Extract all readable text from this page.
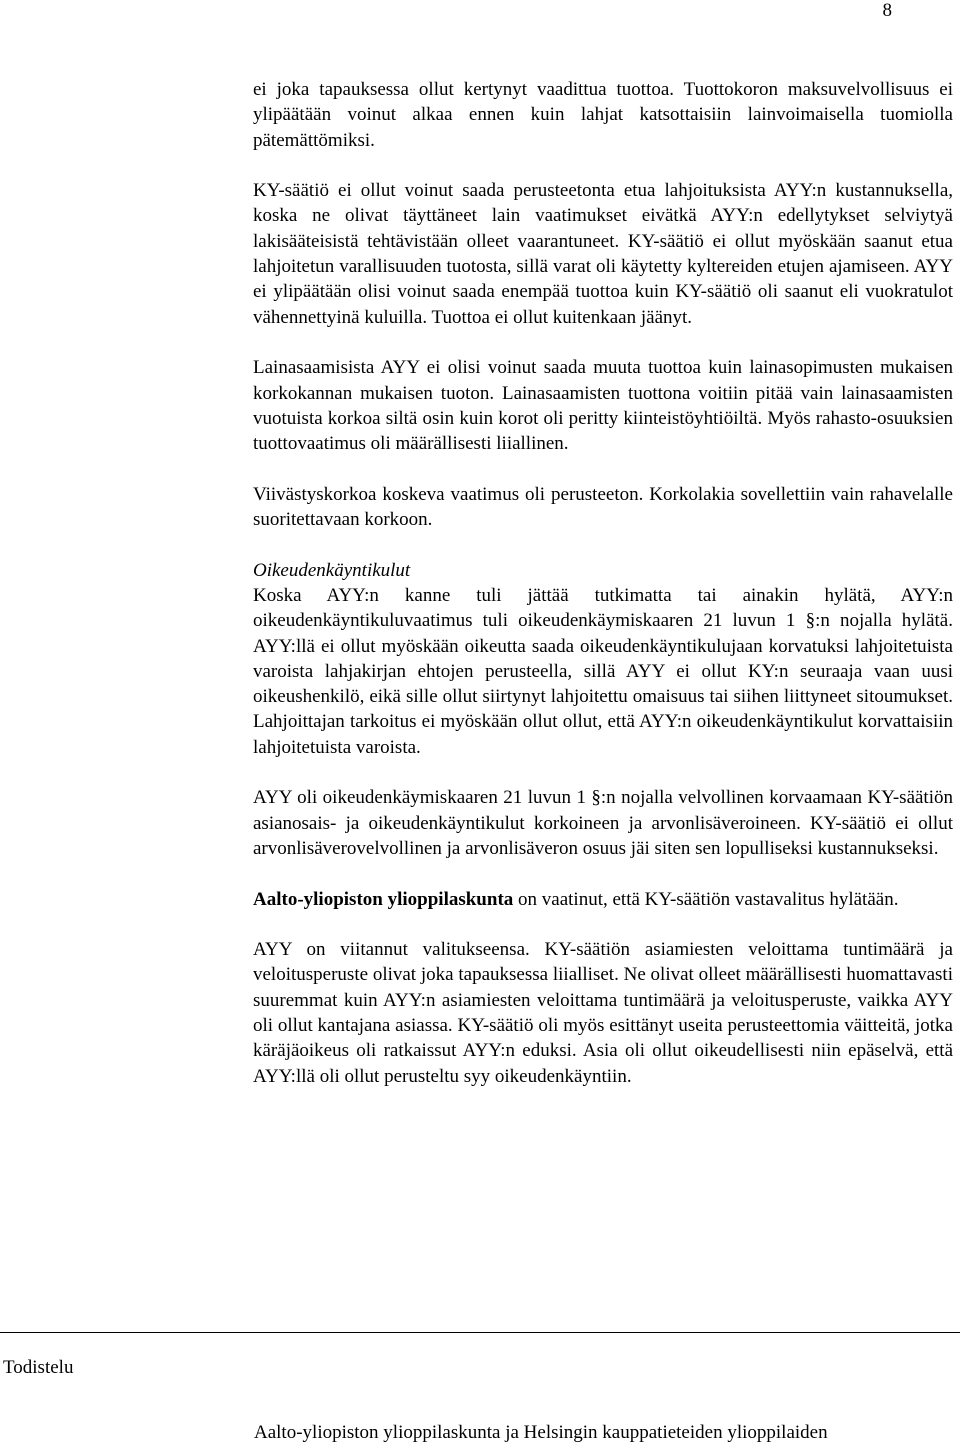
8

ei joka tapauksessa ollut kertynyt vaadittua tuottoa. Tuottokoron maksuvelvollisuus ei ylipäätään voinut alkaa ennen kuin lahjat katsottaisiin lainvoimaisella tuomiolla pätemättömiksi.

KY-säätiö ei ollut voinut saada perusteetonta etua lahjoituksista AYY:n kustannuksella, koska ne olivat täyttäneet lain vaatimukset eivätkä AYY:n edellytykset selviytyä lakisääteisistä tehtävistään olleet vaarantuneet. KY-säätiö ei ollut myöskään saanut etua lahjoitetun varallisuuden tuotosta, sillä varat oli käytetty kyltereiden etujen ajamiseen. AYY ei ylipäätään olisi voinut saada enempää tuottoa kuin KY-säätiö oli saanut eli vuokratulot vähennettyinä kuluilla. Tuottoa ei ollut kuitenkaan jäänyt.

Lainasaamisista AYY ei olisi voinut saada muuta tuottoa kuin lainasopimusten mukaisen korkokannan mukaisen tuoton. Lainasaamisten tuottona voitiin pitää vain lainasaamisten vuotuista korkoa siltä osin kuin korot oli peritty kiinteistöyhtiöiltä. Myös rahasto-osuuksien tuottovaatimus oli määrällisesti liiallinen.

Viivästyskorkoa koskeva vaatimus oli perusteeton. Korkolakia sovellettiin vain rahavelalle suoritettavaan korkoon.

Oikeudenkäyntikulut

Koska AYY:n kanne tuli jättää tutkimatta tai ainakin hylätä, AYY:n oikeudenkäyntikuluvaatimus tuli oikeudenkäymiskaaren 21 luvun 1 §:n nojalla hylätä. AYY:llä ei ollut myöskään oikeutta saada oikeudenkäyntikulujaan korvatuksi lahjoitetuista varoista lahjakirjan ehtojen perusteella, sillä AYY ei ollut KY:n seuraaja vaan uusi oikeushenkilö, eikä sille ollut siirtynyt lahjoitettu omaisuus tai siihen liittyneet sitoumukset. Lahjoittajan tarkoitus ei myöskään ollut ollut, että AYY:n oikeudenkäyntikulut korvattaisiin lahjoitetuista varoista.

AYY oli oikeudenkäymiskaaren 21 luvun 1 §:n nojalla velvollinen korvaamaan KY-säätiön asianosais- ja oikeudenkäyntikulut korkoineen ja arvonlisäveroineen. KY-säätiö ei ollut arvonlisäverovelvollinen ja arvonlisäveron osuus jäi siten sen lopulliseksi kustannukseksi.

Aalto-yliopiston ylioppilaskunta on vaatinut, että KY-säätiön vastavalitus hylätään.

AYY on viitannut valitukseensa. KY-säätiön asiamiesten veloittama tuntimäärä ja veloitusperuste olivat joka tapauksessa liialliset. Ne olivat olleet määrällisesti huomattavasti suuremmat kuin AYY:n asiamiesten veloittama tuntimäärä ja veloitusperuste, vaikka AYY oli ollut kantajana asiassa. KY-säätiö oli myös esittänyt useita perusteettomia väitteitä, jotka käräjäoikeus oli ratkaissut AYY:n eduksi. Asia oli ollut oikeudellisesti niin epäselvä, että AYY:llä oli ollut perusteltu syy oikeudenkäyntiin.

Todistelu
Aalto-yliopiston ylioppilaskunta ja Helsingin kauppatieteiden ylioppilaiden
